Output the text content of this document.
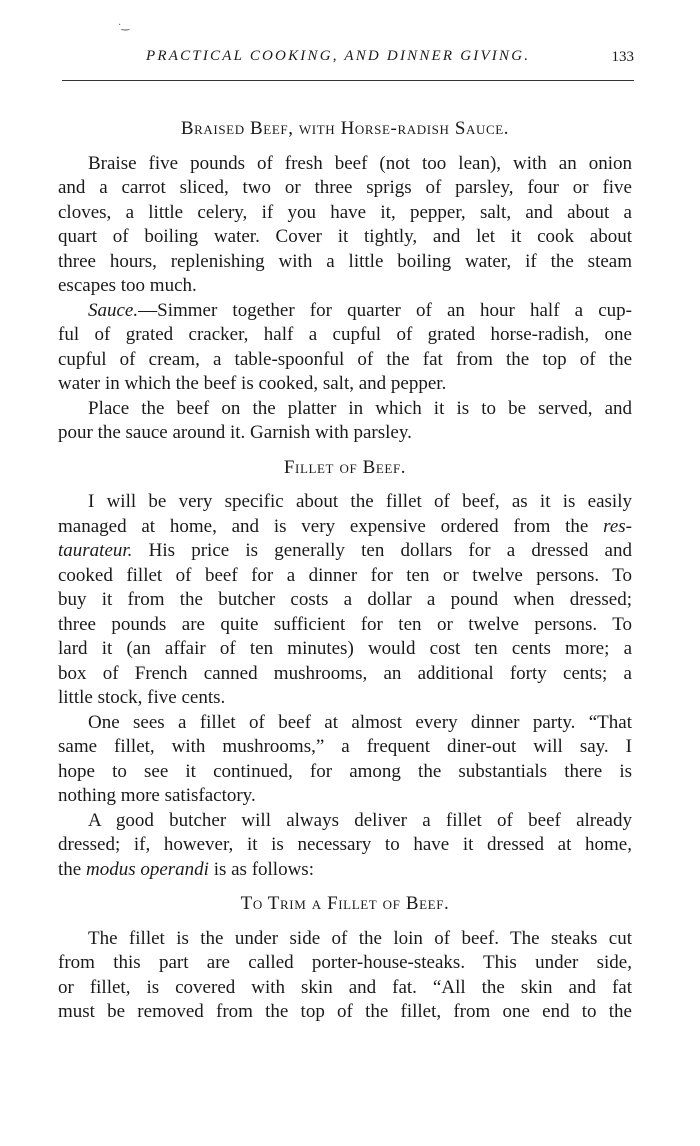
·‿
PRACTICAL COOKING, AND DINNER GIVING.	133
Braised Beef, with Horse-radish Sauce.
Braise five pounds of fresh beef (not too lean), with an onion
and a carrot sliced, two or three sprigs of parsley, four or five
cloves, a little celery, if you have it, pepper, salt, and about a
quart of boiling water. Cover it tightly, and let it cook about
three hours, replenishing with a little boiling water, if the steam
escapes too much.
Sauce.—Simmer together for quarter of an hour half a cup-
ful of grated cracker, half a cupful of grated horse-radish, one
cupful of cream, a table-spoonful of the fat from the top of the
water in which the beef is cooked, salt, and pepper.
Place the beef on the platter in which it is to be served, and
pour the sauce around it. Garnish with parsley.
Fillet of Beef.
I will be very specific about the fillet of beef, as it is easily
managed at home, and is very expensive ordered from the res-
taurateur. His price is generally ten dollars for a dressed and
cooked fillet of beef for a dinner for ten or twelve persons. To
buy it from the butcher costs a dollar a pound when dressed;
three pounds are quite sufficient for ten or twelve persons. To
lard it (an affair of ten minutes) would cost ten cents more; a
box of French canned mushrooms, an additional forty cents; a
little stock, five cents.
One sees a fillet of beef at almost every dinner party. “That
same fillet, with mushrooms,” a frequent diner-out will say. I
hope to see it continued, for among the substantials there is
nothing more satisfactory.
A good butcher will always deliver a fillet of beef already
dressed; if, however, it is necessary to have it dressed at home,
the modus operandi is as follows:
To Trim a Fillet of Beef.
The fillet is the under side of the loin of beef. The steaks cut
from this part are called porter-house-steaks. This under side,
or fillet, is covered with skin and fat. “All the skin and fat
must be removed from the top of the fillet, from one end to the
